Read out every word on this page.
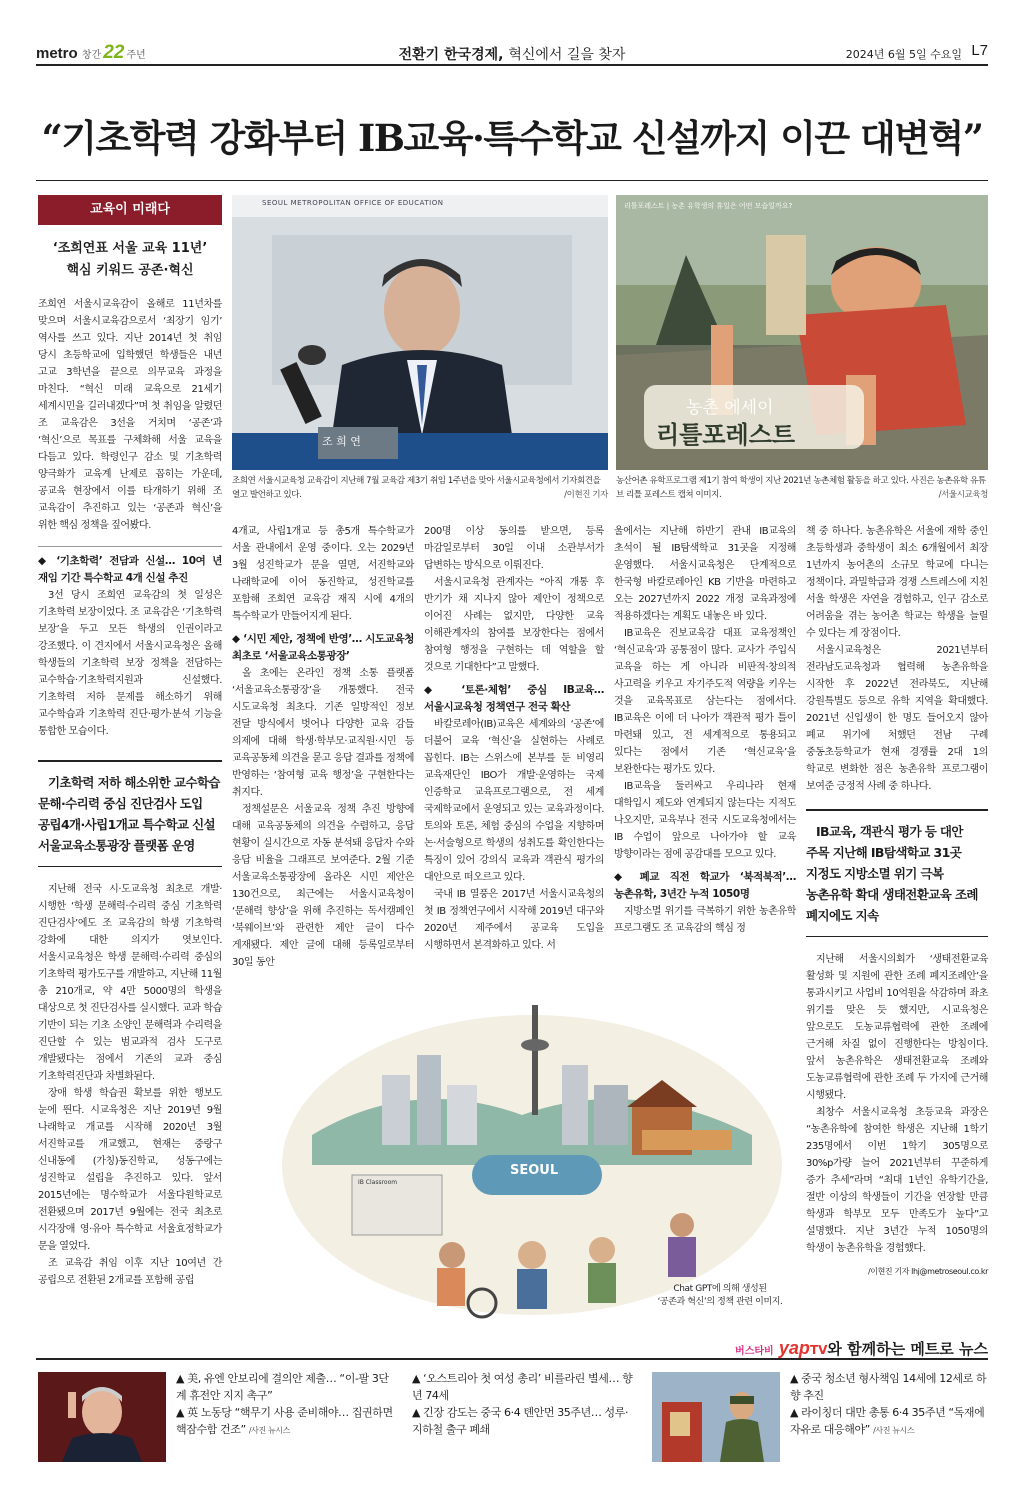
metro 창간 22 주년	전환기 한국경제, 혁신에서 길을 찾자	2024년 6월 5일 수요일 L7
“기초학력 강화부터 IB교육·특수학교 신설까지 이끈 대변혁”
교육이 미래다
‘조희연표 서울 교육 11년’
핵심 키워드 공존·혁신

조희연 서울시교육감이 올해로 11년차를 맞으며 서울시교육감으로서 ‘최장기 임기’ 역사를 쓰고 있다. 지난 2014년 첫 취임 당시 초등학교에 입학했던 학생들은 내년 고교 3학년을 끝으로 의무교육 과정을 마친다. “혁신 미래 교육으로 21세기 세계시민을 길러내겠다”며 첫 취임을 알렸던 조 교육감은 3선을 거치며 ‘공존’과 ‘혁신’으로 목표를 구체화해 서울 교육을 다듬고 있다. 학령인구 감소 및 기초학력 양극화가 교육계 난제로 꼽히는 가운데, 공교육 현장에서 이를 타개하기 위해 조 교육감이 추진하고 있는 ‘공존과 혁신’을 위한 핵심 정책을 짚어봤다.

◆ ‘기초학력’ 전담과 신설… 10여 년 재임 기간 특수학교 4개 신설 추진

3선 당시 조희연 교육감의 첫 일성은 기초학력 보장이었다. 조 교육감은 ‘기초학력 보장’을 두고 모든 학생의 인권이라고 강조했다. 이 견지에서 서울시교육청은 올해 학생들의 기초학력 보장 정책을 전담하는 교수학습·기초학력지원과 신설했다. 기초학력 저하 문제를 해소하기 위해 교수학습과 기초학력 진단·평가·분석 기능을 통합한 모습이다.

기초학력 저하 해소위한 교수학습 문해·수리력 중심 진단검사 도입 공립4개·사립1개교 특수학교 신설 서울교육소통광장 플랫폼 운영

지난해 전국 시·도교육청 최초로 개발·시행한 ‘학생 문해력·수리력 중심 기초학력 진단검사’에도 조 교육감의 학생 기초학력 강화에 대한 의지가 엿보인다. 서울시교육청은 학생 문해력·수리력 중심의 기초학력 평가도구를 개발하고, 지난해 11월 총 210개교, 약 4만 5000명의 학생을 대상으로 첫 진단검사를 실시했다. 교과 학습 기반이 되는 기초 소양인 문해력과 수리력을 진단할 수 있는 범교과적 검사 도구로 개발됐다는 점에서 기존의 교과 중심 기초학력진단과 차별화된다.

장애 학생 학습권 확보를 위한 행보도 눈에 띈다. 시교육청은 지난 2019년 9월 나래학교 개교를 시작해 2020년 3월 서진학교를 개교했고, 현재는 중랑구 신내동에 (가칭)동진학교, 성동구에는 성진학교 설립을 추진하고 있다. 앞서 2015년에는 명수학교가 서울다원학교로 전환됐으며 2017년 9월에는 전국 최초로 시각장애 영·유아 특수학교 서울효정학교가 문을 열었다.

조 교육감 취임 이후 지난 10여년 간 공립으로 전환된 2개교를 포함해 공립

SEOUL METROPOLITAN OFFICE OF EDUCATION
조 희 연
조희연 서울시교육청 교육감이 지난해 7월 교육감 제3기 취임 1주년을 맞아 서울시교육청에서 기자회견을 열고 발언하고 있다.	/이현진 기자
리틀포레스트 | 농촌 유학생의 휴일은 어떤 모습일까요?
농촌 에세이
리틀포레스트
농산어촌 유학프로그램 제1기 참여 학생이 지난 2021년 농촌체험 활동을 하고 있다. 사진은 농촌유학 유튜브 리틀 포레스트 캡쳐 이미지.	/서울시교육청

4개교, 사립1개교 등 총5개 특수학교가 서울 관내에서 운영 중이다. 오는 2029년 3월 성진학교가 문을 열면, 서진학교와 나래학교에 이어 동진학교, 성진학교를 포함해 조희연 교육감 재직 시에 4개의 특수학교가 만들어지게 된다.

◆ ‘시민 제안, 정책에 반영’… 시도교육청 최초로 ‘서울교육소통광장’

올 초에는 온라인 정책 소통 플랫폼 ‘서울교육소통광장’을 개통했다. 전국 시도교육청 최초다. 기존 일방적인 정보 전달 방식에서 벗어나 다양한 교육 감들 의제에 대해 학생·학부모·교직원·시민 등 교육공동체 의견을 묻고 응답 결과를 정책에 반영하는 ‘참여형 교육 행정’을 구현한다는 취지다.

정책설문은 서울교육 정책 추진 방향에 대해 교육공동체의 의견을 수렴하고, 응답 현황이 실시간으로 자동 분석돼 응답자 수와 응답 비율을 그래프로 보여준다. 2월 기준 서울교육소통광장에 올라온 시민 제안은 130건으로, 최근에는 서울시교육청이 ‘문해력 향상’을 위해 추진하는 독서캠페인 ‘북웨이브’와 관련한 제안 글이 다수 게재됐다. 제안 글에 대해 등록일로부터 30일 동안

200명 이상 동의를 받으면, 등록 마감일로부터 30일 이내 소관부서가 답변하는 방식으로 이뤄진다.

서울시교육청 관계자는 “아직 개통 후 반기가 채 지나지 않아 제안이 정책으로 이어진 사례는 없지만, 다양한 교육 이해관계자의 참여를 보장한다는 점에서 참여형 행정을 구현하는 데 역할을 할 것으로 기대한다”고 말했다.

◆ ‘토론·체험’ 중심 IB교육… 서울시교육청 정책연구 전국 확산

바칼로레아(IB)교육은 세계와의 ‘공존’에 더불어 교육 ‘혁신’을 실현하는 사례로 꼽힌다. IB는 스위스에 본부를 둔 비영리 교육재단인 IBO가 개발·운영하는 국제 인증학교 교육프로그램으로, 전 세계 국제학교에서 운영되고 있는 교육과정이다. 토의와 토론, 체험 중심의 수업을 지향하며 논·서술형으로 학생의 성취도를 확인한다는 특징이 있어 강의식 교육과 객관식 평가의 대안으로 떠오르고 있다.

국내 IB 열풍은 2017년 서울시교육청의 첫 IB 정책연구에서 시작해 2019년 대구와 2020년 제주에서 공교육 도입을 시행하면서 본격화하고 있다. 서

울에서는 지난해 하반기 관내 IB교육의 초석이 될 IB탐색학교 31곳을 지정해 운영했다. 서울시교육청은 단계적으로 한국형 바칼로레아인 KB 기반을 마련하고 오는 2027년까지 2022 개정 교육과정에 적용하겠다는 계획도 내놓은 바 있다.

IB교육은 진보교육감 대표 교육정책인 ‘혁신교육’과 공통점이 많다. 교사가 주입식 교육을 하는 게 아니라 비판적·창의적 사고력을 키우고 자기주도적 역량을 키우는 것을 교육목표로 삼는다는 점에서다. IB교육은 이에 더 나아가 객관적 평가 틀이 마련돼 있고, 전 세계적으로 통용되고 있다는 점에서 기존 ‘혁신교육’을 보완한다는 평가도 있다.

IB교육을 둘러싸고 우리나라 현재 대학입시 제도와 연계되지 않는다는 지적도 나오지만, 교육부나 전국 시도교육청에서는 IB 수업이 앞으로 나아가야 할 교육 방향이라는 점에 공감대를 모으고 있다.

◆ 폐교 직전 학교가 ‘북적북적’… 농촌유학, 3년간 누적 1050명

지방소멸 위기를 극복하기 위한 농촌유학 프로그램도 조 교육감의 핵심 정

책 중 하나다. 농촌유학은 서울에 재학 중인 초등학생과 중학생이 최소 6개월에서 최장 1년까지 농어촌의 소규모 학교에 다니는 정책이다. 과밀학급과 경쟁 스트레스에 지친 서울 학생은 자연을 경험하고, 인구 감소로 어려움을 겪는 농어촌 학교는 학생을 늘릴 수 있다는 게 장점이다.

서울시교육청은 2021년부터 전라남도교육청과 협력해 농촌유학을 시작한 후 2022년 전라북도, 지난해 강원특별도 등으로 유학 지역을 확대했다. 2021년 신입생이 한 명도 들어오지 않아 폐교 위기에 처했던 전남 구례 중동초등학교가 현재 경쟁률 2대 1의 학교로 변화한 점은 농촌유학 프로그램이 보여준 긍정적 사례 중 하나다.

IB교육, 객관식 평가 등 대안 주목 지난해 IB탐색학교 31곳 지정도 지방소멸 위기 극복 농촌유학 확대 생태전환교육 조례 폐지에도 지속

지난해 서울시의회가 ‘생태전환교육 활성화 및 지원에 관한 조례 폐지조례안’을 통과시키고 사업비 10억원을 삭감하며 좌초 위기를 맞은 듯 했지만, 시교육청은 앞으로도 도농교류협력에 관한 조례에 근거해 차질 없이 진행한다는 방침이다. 앞서 농촌유학은 생태전환교육 조례와 도농교류협력에 관한 조례 두 가지에 근거해 시행됐다.

최창수 서울시교육청 초등교육 과장은 “농촌유학에 참여한 학생은 지난해 1학기 235명에서 이번 1학기 305명으로 30%p가량 늘어 2021년부터 꾸준하게 증가 추세”라며 “최대 1년인 유학기간을, 절반 이상의 학생들이 기간을 연장할 만큼 학생과 학부모 모두 만족도가 높다”고 설명했다. 지난 3년간 누적 1050명의 학생이 농촌유학을 경험했다.

/이현진 기자 lhj@metroseoul.co.kr
SEOUL
IB Classroom
Chat GPT에 의해 생성된
‘공존과 혁신’의 정책 관련 이미지.
버스타비 yapTV와 함께하는 메트로 뉴스
▲ 美, 유엔 안보리에 결의안 제출… “이-팔 3단계 휴전안 지지 촉구”
▲ 英 노동당 “핵무기 사용 준비해야… 집권하면 핵잠수함 건조” /사진 뉴시스
▲ ‘오스트리아 첫 여성 총리’ 비를라린 별세… 향년 74세
▲ 긴장 감도는 중국 6·4 톈안먼 35주년… 성루·지하철 출구 폐쇄
▲ 중국 청소년 형사책임 14세에 12세로 하향 추진
▲ 라이칭더 대만 총통 6·4 35주년 “독재에 자유로 대응해야” /사진 뉴시스
